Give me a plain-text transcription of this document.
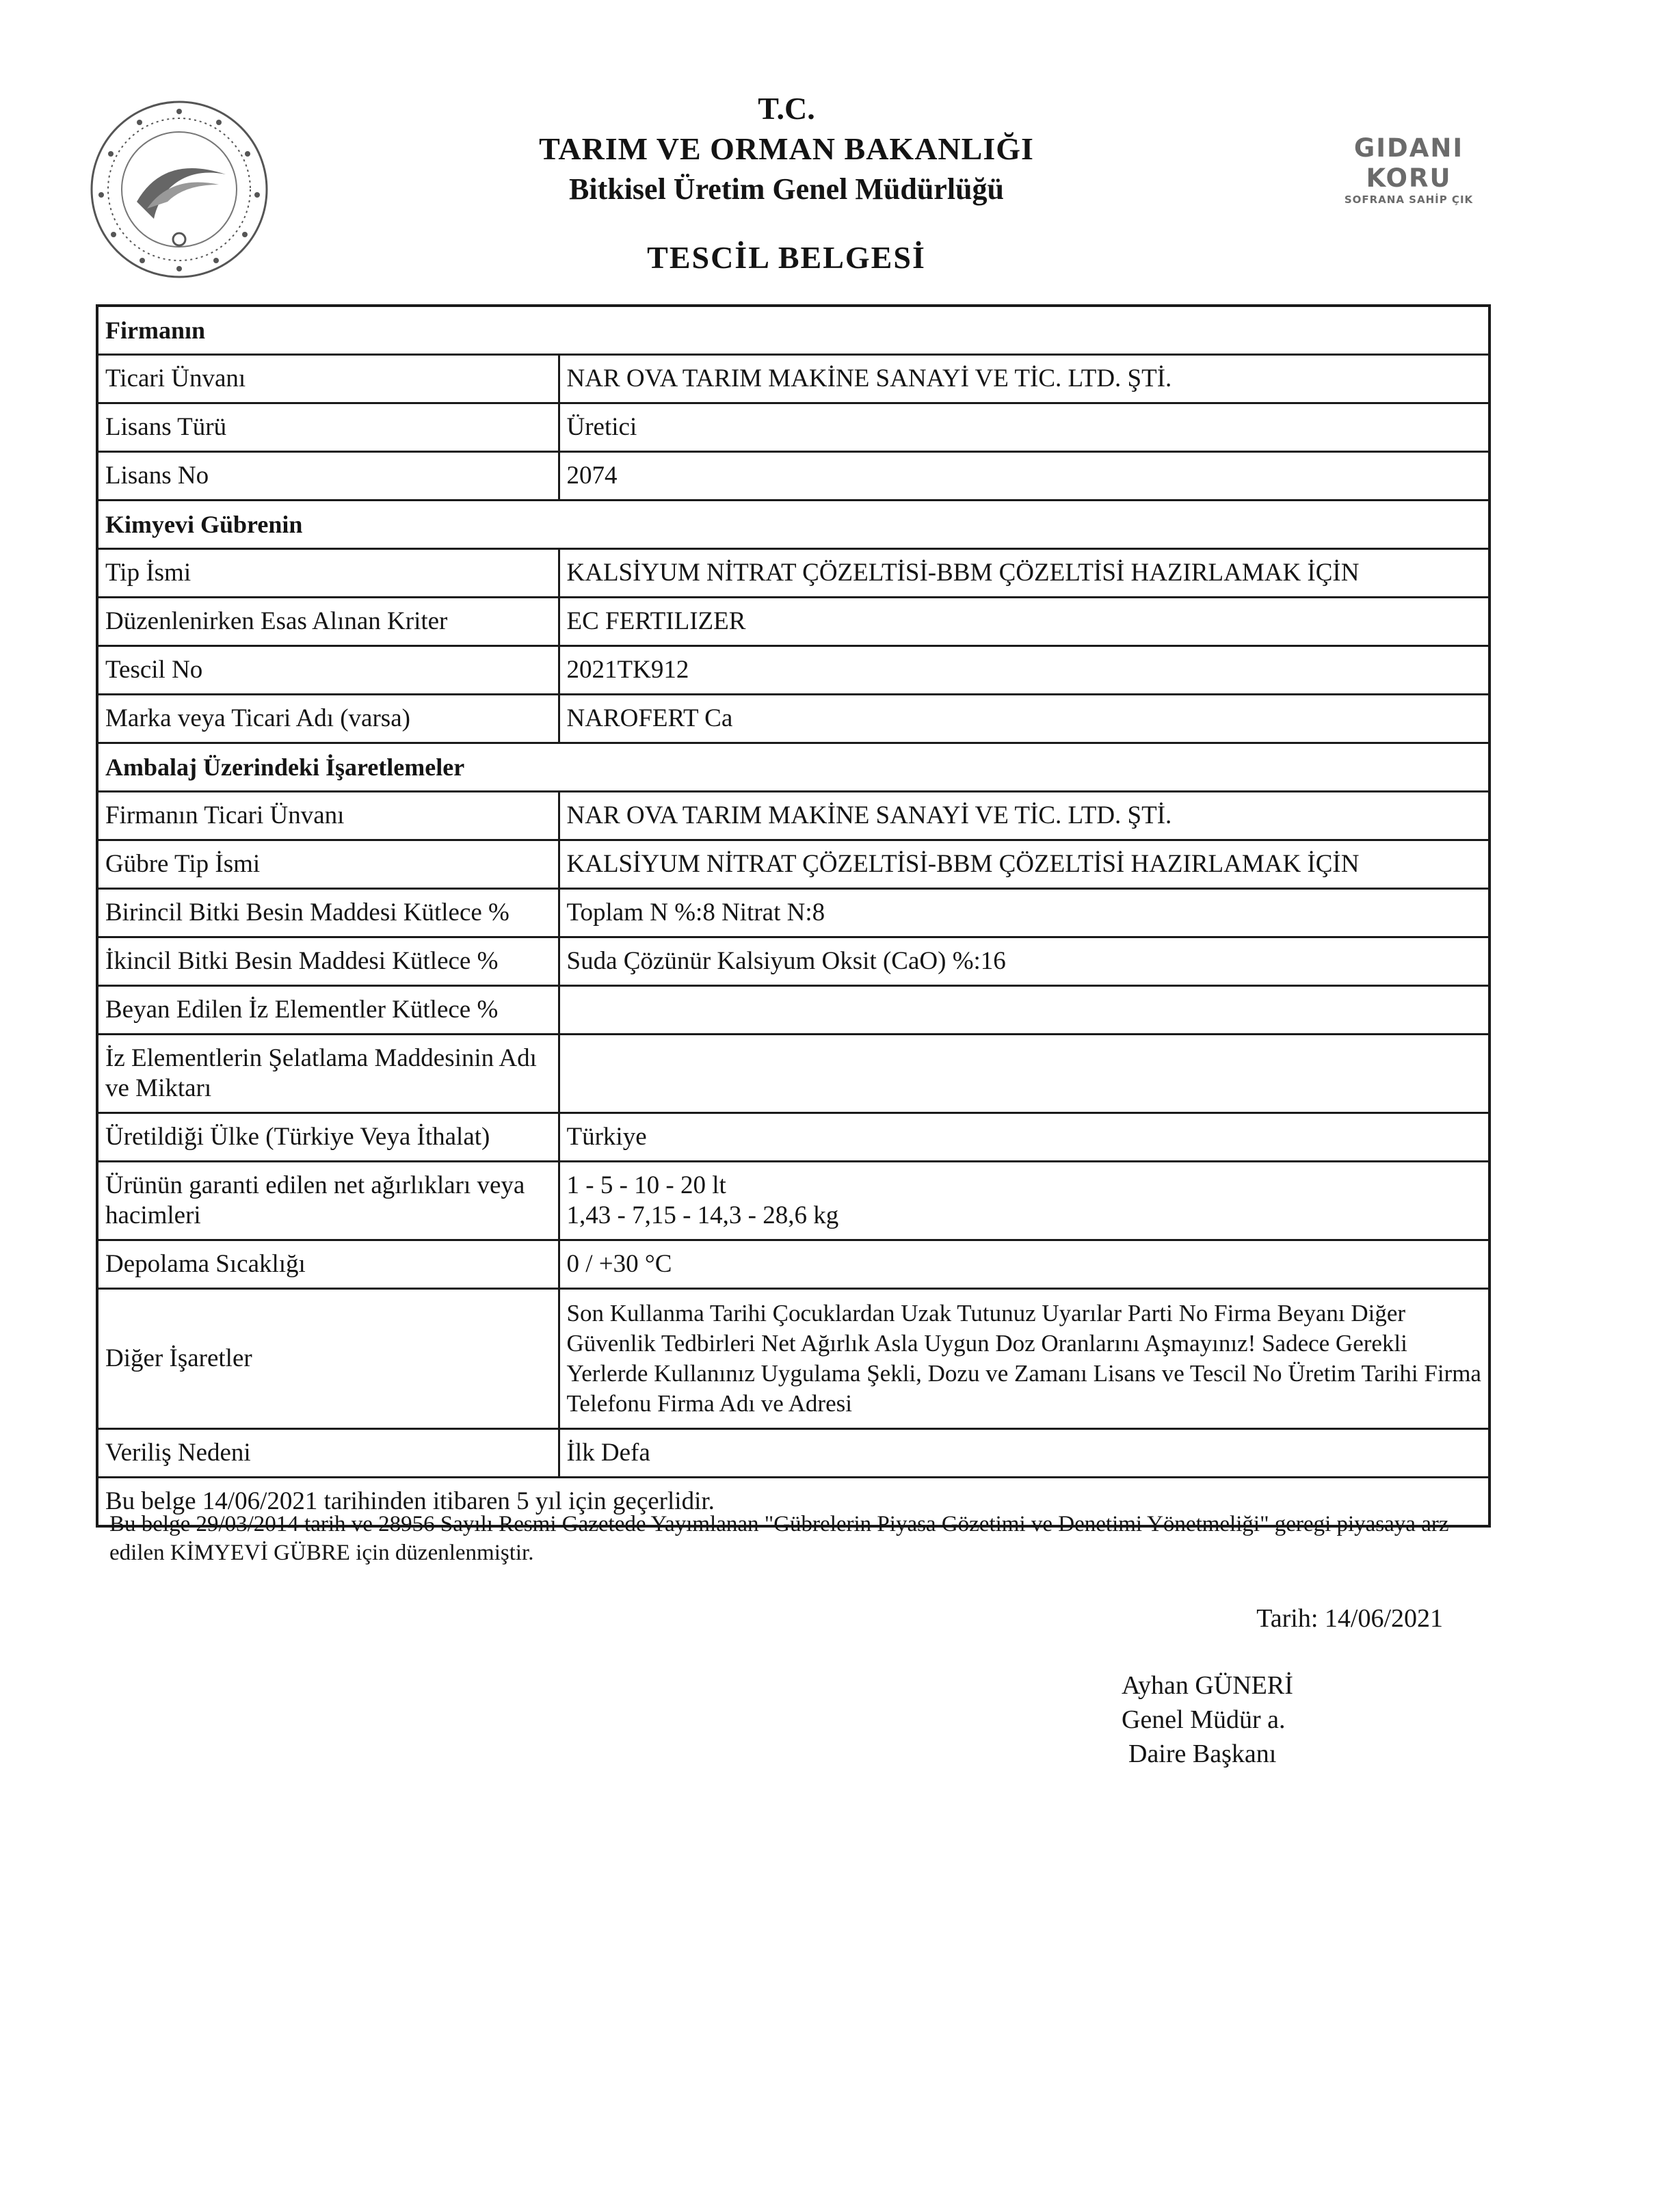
T.C.
TARIM VE ORMAN BAKANLIĞI
Bitkisel Üretim Genel Müdürlüğü
TESCİL BELGESİ
GIDANI KORU
SOFRANA SAHİP ÇIK
Firmanın	
Ticari Ünvanı	NAR OVA TARIM MAKİNE SANAYİ VE TİC. LTD. ŞTİ.
Lisans Türü	Üretici
Lisans No	2074
Kimyevi Gübrenin	
Tip İsmi	KALSİYUM NİTRAT ÇÖZELTİSİ-BBM ÇÖZELTİSİ HAZIRLAMAK İÇİN
Düzenlenirken Esas Alınan Kriter	EC FERTILIZER
Tescil No	2021TK912
Marka veya Ticari Adı (varsa)	NAROFERT Ca
Ambalaj Üzerindeki İşaretlemeler	
Firmanın Ticari Ünvanı	NAR OVA TARIM MAKİNE SANAYİ VE TİC. LTD. ŞTİ.
Gübre Tip İsmi	KALSİYUM NİTRAT ÇÖZELTİSİ-BBM ÇÖZELTİSİ HAZIRLAMAK İÇİN
Birincil Bitki Besin Maddesi Kütlece %	Toplam N %:8 Nitrat N:8
İkincil Bitki Besin Maddesi Kütlece %	Suda Çözünür Kalsiyum Oksit (CaO) %:16
Beyan Edilen İz Elementler Kütlece %	
İz Elementlerin Şelatlama Maddesinin Adı ve Miktarı	
Üretildiği Ülke (Türkiye Veya İthalat)	Türkiye
Ürünün garanti edilen net ağırlıkları veya hacimleri	1 - 5 - 10 - 20 lt
1,43 - 7,15 - 14,3 - 28,6 kg

Depolama Sıcaklığı	0 / +30 °C
Diğer İşaretler	Son Kullanma Tarihi Çocuklardan Uzak Tutunuz Uyarılar Parti No Firma Beyanı Diğer Güvenlik Tedbirleri Net Ağırlık Asla Uygun Doz Oranlarını Aşmayınız! Sadece Gerekli Yerlerde Kullanınız Uygulama Şekli, Dozu ve Zamanı Lisans ve Tescil No Üretim Tarihi Firma Telefonu Firma Adı ve Adresi
Veriliş Nedeni	İlk Defa
Bu belge 14/06/2021 tarihinden itibaren 5 yıl için geçerlidir.	
Bu belge 29/03/2014 tarih ve 28956 Sayılı Resmi Gazetede Yayımlanan "Gübrelerin Piyasa Gözetimi ve Denetimi Yönetmeliği" geregi piyasaya arz edilen KİMYEVİ GÜBRE için düzenlenmiştir.
Tarih: 14/06/2021
Ayhan GÜNERİ
Genel Müdür a.
Daire Başkanı
